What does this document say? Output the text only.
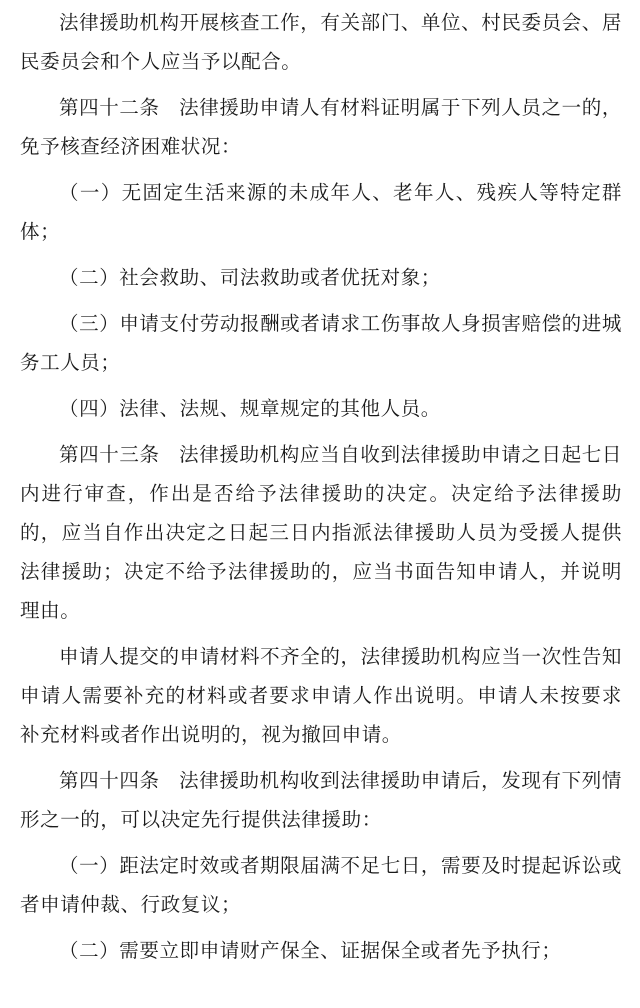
法律援助机构开展核查工作，有关部门、单位、村民委员会、居民委员会和个人应当予以配合。

第四十二条 法律援助申请人有材料证明属于下列人员之一的，免予核查经济困难状况：

（一）无固定生活来源的未成年人、老年人、残疾人等特定群体；

（二）社会救助、司法救助或者优抚对象；

（三）申请支付劳动报酬或者请求工伤事故人身损害赔偿的进城务工人员；

（四）法律、法规、规章规定的其他人员。

第四十三条 法律援助机构应当自收到法律援助申请之日起七日内进行审查，作出是否给予法律援助的决定。决定给予法律援助的，应当自作出决定之日起三日内指派法律援助人员为受援人提供法律援助；决定不给予法律援助的，应当书面告知申请人，并说明理由。

申请人提交的申请材料不齐全的，法律援助机构应当一次性告知申请人需要补充的材料或者要求申请人作出说明。申请人未按要求补充材料或者作出说明的，视为撤回申请。

第四十四条 法律援助机构收到法律援助申请后，发现有下列情形之一的，可以决定先行提供法律援助：

（一）距法定时效或者期限届满不足七日，需要及时提起诉讼或者申请仲裁、行政复议；

（二）需要立即申请财产保全、证据保全或者先予执行；
